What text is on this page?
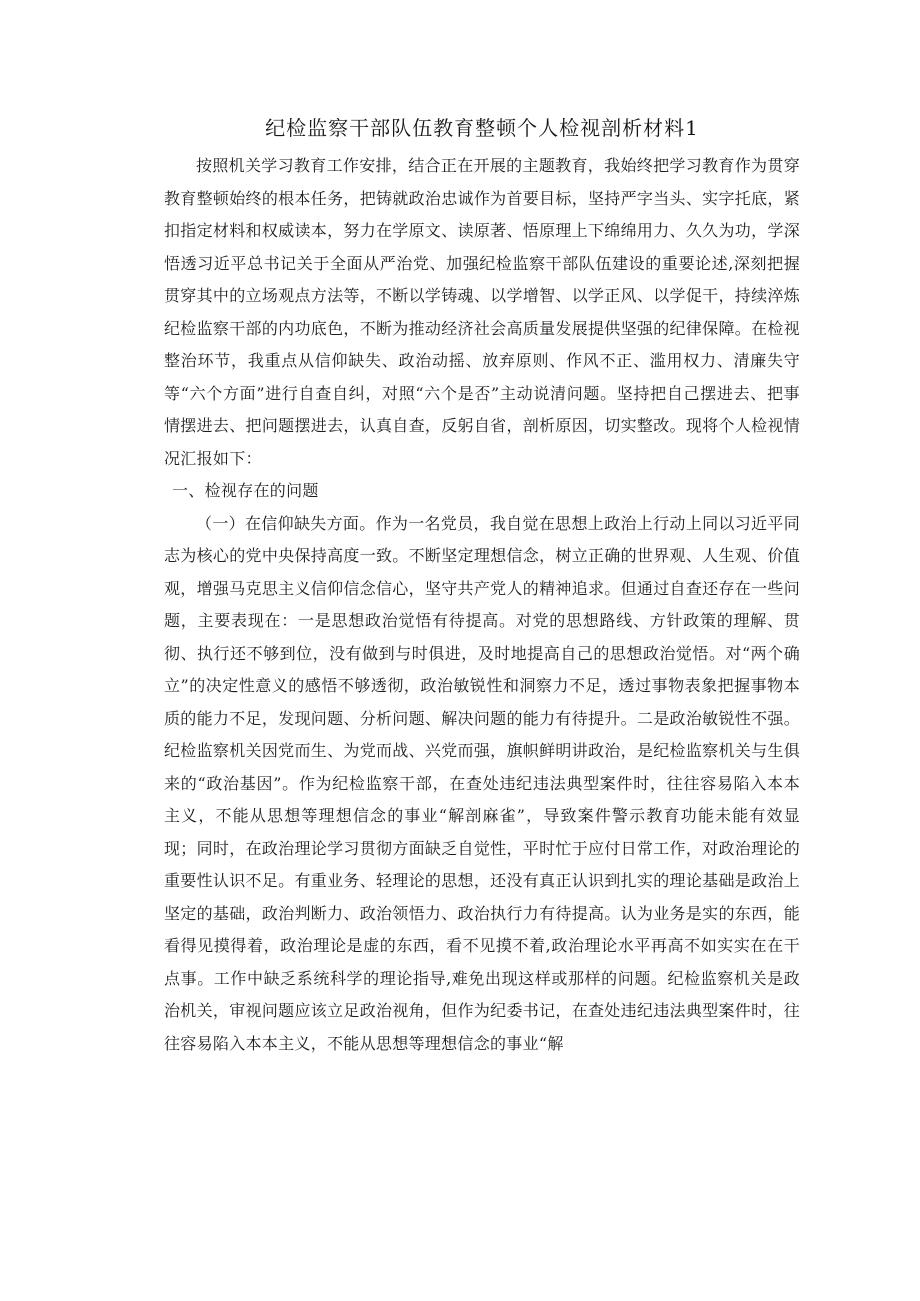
纪检监察干部队伍教育整顿个人检视剖析材料1

按照机关学习教育工作安排，结合正在开展的主题教育，我始终把学习教育作为贯穿教育整顿始终的根本任务，把铸就政治忠诚作为首要目标，坚持严字当头、实字托底，紧扣指定材料和权威读本，努力在学原文、读原著、悟原理上下绵绵用力、久久为功，学深悟透习近平总书记关于全面从严治党、加强纪检监察干部队伍建设的重要论述,深刻把握贯穿其中的立场观点方法等，不断以学铸魂、以学增智、以学正风、以学促干，持续淬炼纪检监察干部的内功底色，不断为推动经济社会高质量发展提供坚强的纪律保障。在检视整治环节，我重点从信仰缺失、政治动摇、放弃原则、作风不正、滥用权力、清廉失守等“六个方面”进行自查自纠，对照“六个是否”主动说清问题。坚持把自己摆进去、把事情摆进去、把问题摆进去，认真自查，反躬自省，剖析原因，切实整改。现将个人检视情况汇报如下：

一、检视存在的问题

（一）在信仰缺失方面。作为一名党员，我自觉在思想上政治上行动上同以习近平同志为核心的党中央保持高度一致。不断坚定理想信念，树立正确的世界观、人生观、价值观，增强马克思主义信仰信念信心，坚守共产党人的精神追求。但通过自查还存在一些问题，主要表现在：一是思想政治觉悟有待提高。对党的思想路线、方针政策的理解、贯彻、执行还不够到位，没有做到与时俱进，及时地提高自己的思想政治觉悟。对“两个确立”的决定性意义的感悟不够透彻，政治敏锐性和洞察力不足，透过事物表象把握事物本质的能力不足，发现问题、分析问题、解决问题的能力有待提升。二是政治敏锐性不强。纪检监察机关因党而生、为党而战、兴党而强，旗帜鲜明讲政治，是纪检监察机关与生俱来的“政治基因”。作为纪检监察干部，在查处违纪违法典型案件时，往往容易陷入本本主义，不能从思想等理想信念的事业“解剖麻雀”，导致案件警示教育功能未能有效显现；同时，在政治理论学习贯彻方面缺乏自觉性，平时忙于应付日常工作，对政治理论的重要性认识不足。有重业务、轻理论的思想，还没有真正认识到扎实的理论基础是政治上坚定的基础，政治判断力、政治领悟力、政治执行力有待提高。认为业务是实的东西，能看得见摸得着，政治理论是虚的东西，看不见摸不着,政治理论水平再高不如实实在在干点事。工作中缺乏系统科学的理论指导,难免出现这样或那样的问题。纪检监察机关是政治机关，审视问题应该立足政治视角，但作为纪委书记，在查处违纪违法典型案件时，往往容易陷入本本主义，不能从思想等理想信念的事业“解
